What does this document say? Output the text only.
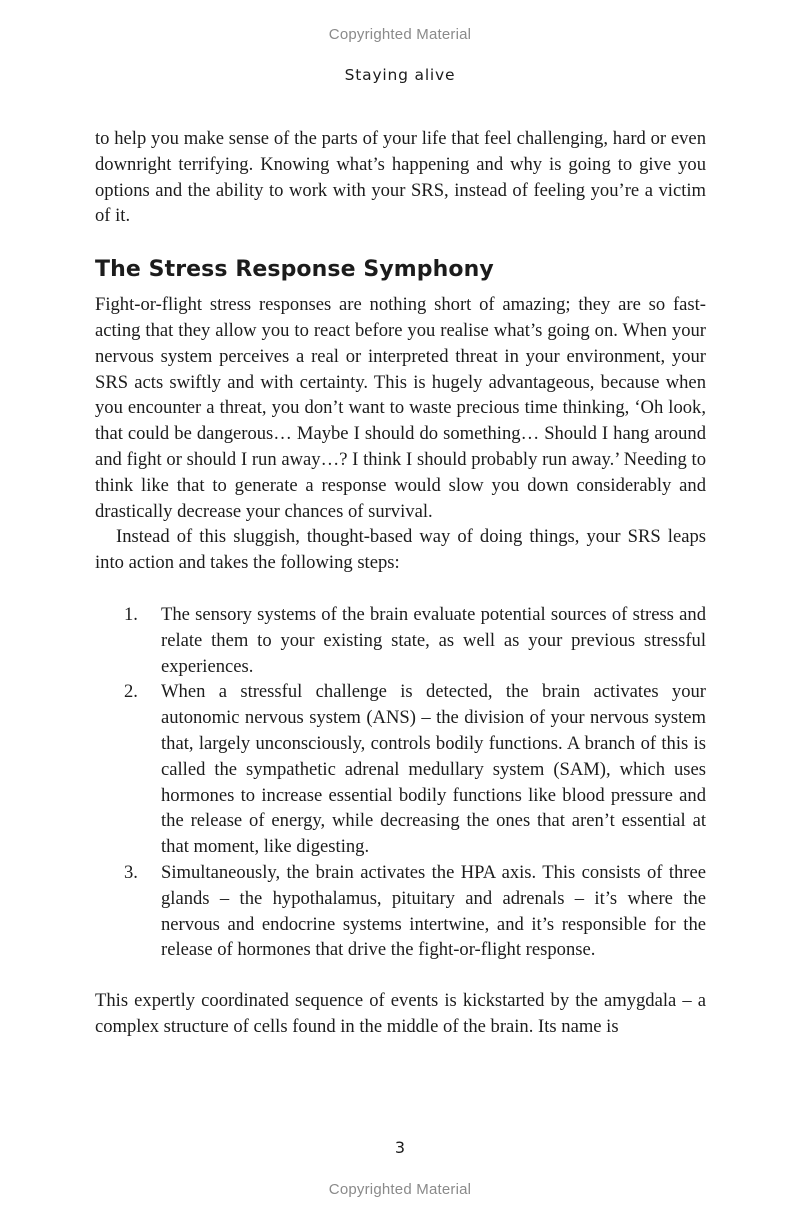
Copyrighted Material
Staying alive

to help you make sense of the parts of your life that feel challenging, hard or even downright terrifying. Knowing what’s happening and why is going to give you options and the ability to work with your SRS, instead of feeling you’re a victim of it.

The Stress Response Symphony

Fight-or-flight stress responses are nothing short of amazing; they are so fast-acting that they allow you to react before you realise what’s going on. When your nervous system perceives a real or interpreted threat in your environment, your SRS acts swiftly and with certainty. This is hugely advantageous, because when you encounter a threat, you don’t want to waste precious time thinking, ‘Oh look, that could be dangerous… Maybe I should do something… Should I hang around and fight or should I run away…? I think I should probably run away.’ Needing to think like that to generate a response would slow you down considerably and drastically decrease your chances of survival.

Instead of this sluggish, thought-based way of doing things, your SRS leaps into action and takes the following steps:

1. The sensory systems of the brain evaluate potential sources of stress and relate them to your existing state, as well as your previous stressful experiences.
2. When a stressful challenge is detected, the brain activates your autonomic nervous system (ANS) – the division of your nervous system that, largely unconsciously, controls bodily functions. A branch of this is called the sympathetic adrenal medullary system (SAM), which uses hormones to increase essential bodily functions like blood pressure and the release of energy, while decreasing the ones that aren’t essential at that moment, like digesting.
3. Simultaneously, the brain activates the HPA axis. This consists of three glands – the hypothalamus, pituitary and adrenals – it’s where the nervous and endocrine systems intertwine, and it’s responsible for the release of hormones that drive the fight-or-flight response.

This expertly coordinated sequence of events is kickstarted by the amygdala – a complex structure of cells found in the middle of the brain. Its name is

3
Copyrighted Material
